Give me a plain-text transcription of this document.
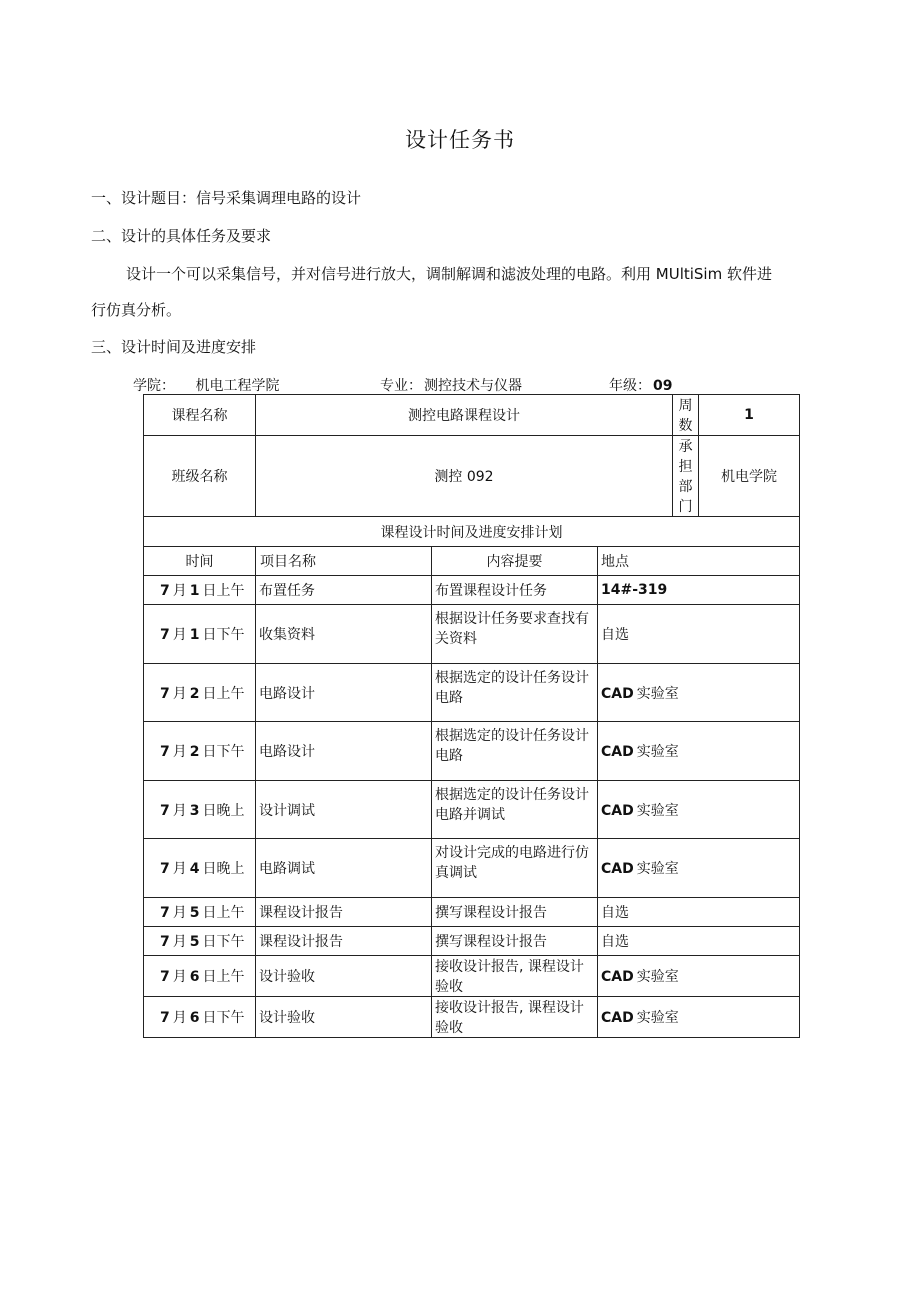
设计任务书
一、设计题目：信号采集调理电路的设计
二、设计的具体任务及要求
设计一个可以采集信号，并对信号进行放大，调制解调和滤波处理的电路。利用 MUltiSim 软件进
行仿真分析。
三、设计时间及进度安排
学院： 机电工程学院	专业： 测控技术与仪器	年级： 09
课程名称	测控电路课程设计			周数	1
班级名称	测控 092			承担部门	机电学院
课程设计时间及进度安排计划					
时间	项目名称	内容提要	地点		
7 月 1 日上午	布置任务	布置课程设计任务	14#-319		
7 月 1 日下午	收集资料	根据设计任务要求查找有关资料	自选		
7 月 2 日上午	电路设计	根据选定的设计任务设计电路	CAD 实验室		
7 月 2 日下午	电路设计	根据选定的设计任务设计电路	CAD 实验室		
7 月 3 日晚上	设计调试	根据选定的设计任务设计电路并调试	CAD 实验室		
7 月 4 日晚上	电路调试	对设计完成的电路进行仿真调试	CAD 实验室		
7 月 5 日上午	课程设计报告	撰写课程设计报告	自选		
7 月 5 日下午	课程设计报告	撰写课程设计报告	自选		
7 月 6 日上午	设计验收	接收设计报告, 课程设计验收	CAD 实验室		
7 月 6 日下午	设计验收	接收设计报告, 课程设计验收	CAD 实验室		
